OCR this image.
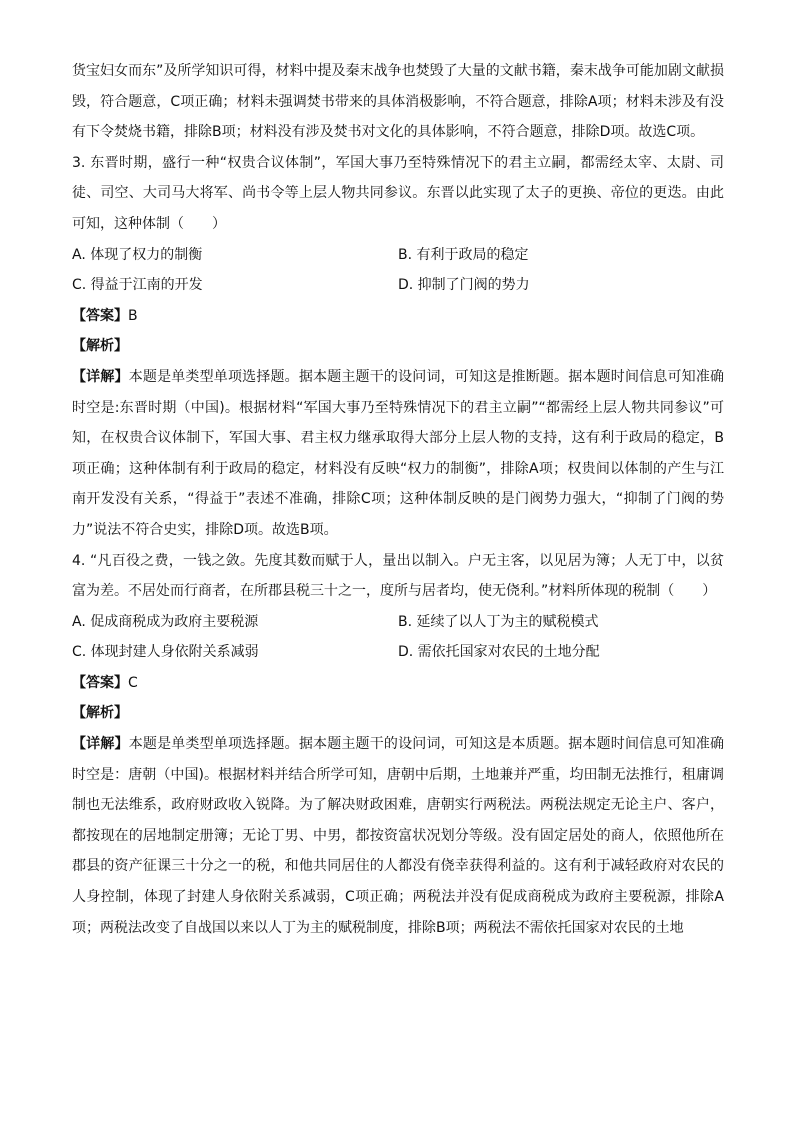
货宝妇女而东”及所学知识可得，材料中提及秦末战争也焚毁了大量的文献书籍，秦末战争可能加剧文献损毁，符合题意，C项正确；材料未强调焚书带来的具体消极影响，不符合题意，排除A项；材料未涉及有没有下令焚烧书籍，排除B项；材料没有涉及焚书对文化的具体影响，不符合题意，排除D项。故选C项。

3. 东晋时期，盛行一种“权贵合议体制”，军国大事乃至特殊情况下的君主立嗣，都需经太宰、太尉、司徒、司空、大司马大将军、尚书令等上层人物共同参议。东晋以此实现了太子的更换、帝位的更迭。由此可知，这种体制（　　）

A. 体现了权力的制衡	B. 有利于政局的稳定
C. 得益于江南的开发	D. 抑制了门阀的势力

【答案】B

【解析】

【详解】本题是单类型单项选择题。据本题主题干的设问词，可知这是推断题。据本题时间信息可知准确时空是:东晋时期（中国)。根据材料“军国大事乃至特殊情况下的君主立嗣”“都需经上层人物共同参议”可知，在权贵合议体制下，军国大事、君主权力继承取得大部分上层人物的支持，这有利于政局的稳定，B项正确；这种体制有利于政局的稳定，材料没有反映“权力的制衡”，排除A项；权贵间以体制的产生与江南开发没有关系，“得益于”表述不准确，排除C项；这种体制反映的是门阀势力强大，“抑制了门阀的势力”说法不符合史实，排除D项。故选B项。

4. “凡百役之费，一钱之敛。先度其数而赋于人，量出以制入。户无主客，以见居为簿；人无丁中，以贫富为差。不居处而行商者，在所郡县税三十之一，度所与居者均，使无侥利。”材料所体现的税制（　　）

A. 促成商税成为政府主要税源	B. 延续了以人丁为主的赋税模式
C. 体现封建人身依附关系减弱	D. 需依托国家对农民的土地分配

【答案】C

【解析】

【详解】本题是单类型单项选择题。据本题主题干的设问词，可知这是本质题。据本题时间信息可知准确时空是：唐朝（中国)。根据材料并结合所学可知，唐朝中后期，土地兼并严重，均田制无法推行，租庸调制也无法维系，政府财政收入锐降。为了解决财政困难，唐朝实行两税法。两税法规定无论主户、客户，都按现在的居地制定册簿；无论丁男、中男，都按资富状况划分等级。没有固定居处的商人，依照他所在郡县的资产征课三十分之一的税，和他共同居住的人都没有侥幸获得利益的。这有利于减轻政府对农民的人身控制，体现了封建人身依附关系减弱，C项正确；两税法并没有促成商税成为政府主要税源，排除A项；两税法改变了自战国以来以人丁为主的赋税制度，排除B项；两税法不需依托国家对农民的土地
